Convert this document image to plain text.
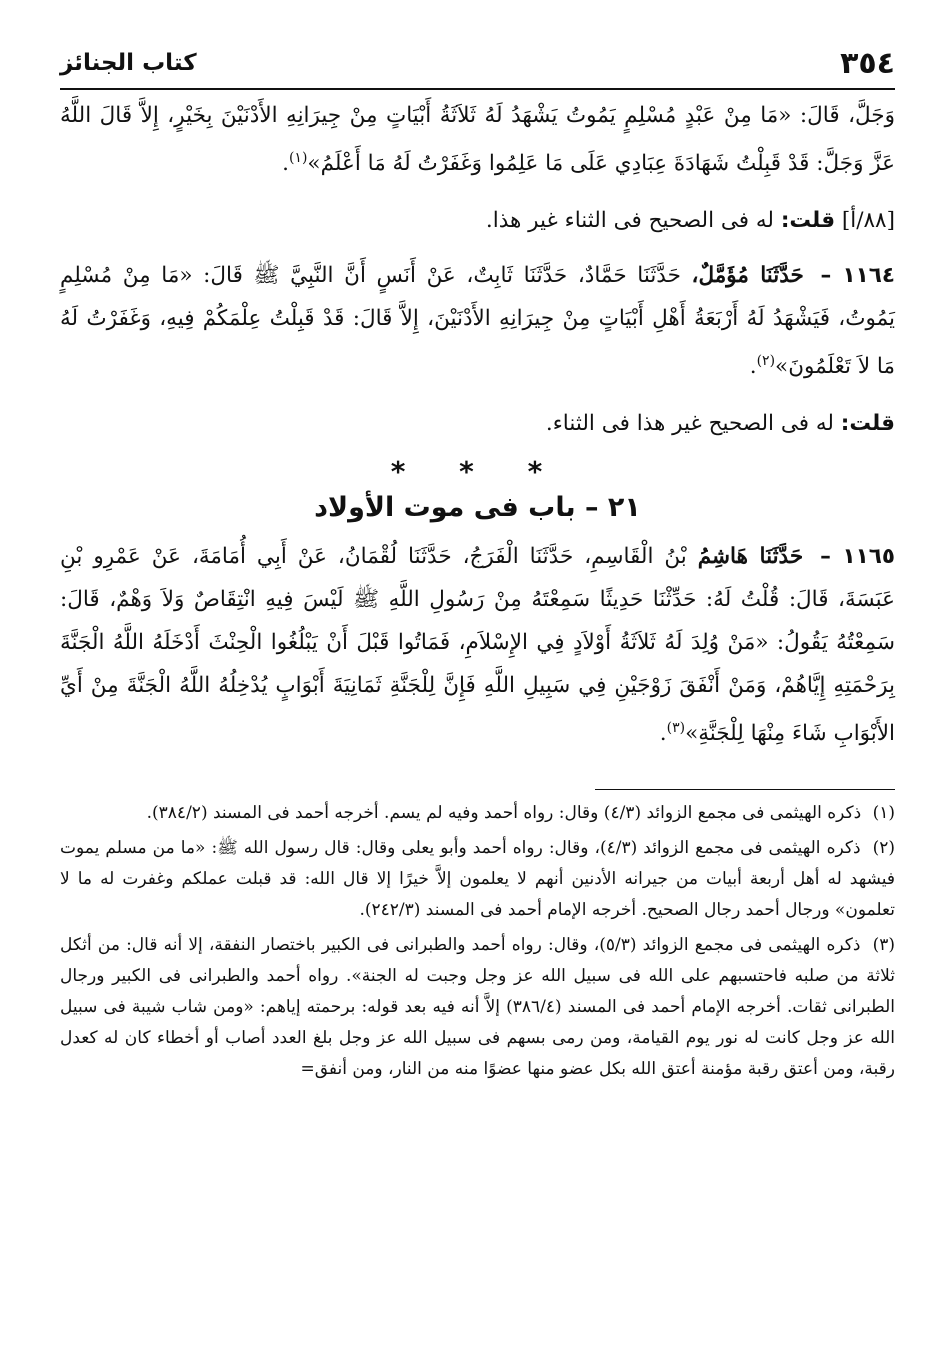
٣٥٤
كتاب الجنائز

وَجَلَّ، قَالَ: «مَا مِنْ عَبْدٍ مُسْلِمٍ يَمُوتُ يَشْهَدُ لَهُ ثَلاَثَةُ أَبْيَاتٍ مِنْ جِيرَانِهِ الأَدْنَيْنَ بِخَيْرٍ، إِلاَّ قَالَ اللَّهُ عَزَّ وَجَلَّ: قَدْ قَبِلْتُ شَهَادَةَ عِبَادِي عَلَى مَا عَلِمُوا وَغَفَرْتُ لَهُ مَا أَعْلَمُ»$^{(١)}$.

[٨٨/أ] قلت: له فى الصحيح فى الثناء غير هذا.

١١٦٤ – حَدَّثَنَا مُؤَمَّلٌ، حَدَّثَنَا حَمَّادٌ، حَدَّثَنَا ثَابِتٌ، عَنْ أَنَسٍ أَنَّ النَّبِيَّ ﷺ قَالَ: «مَا مِنْ مُسْلِمٍ يَمُوتُ، فَيَشْهَدُ لَهُ أَرْبَعَةُ أَهْلِ أَبْيَاتٍ مِنْ جِيرَانِهِ الأَدْنَيْنَ، إِلاَّ قَالَ: قَدْ قَبِلْتُ عِلْمَكُمْ فِيهِ، وَغَفَرْتُ لَهُ مَا لاَ تَعْلَمُونَ»$^{(٢)}$.

قلت: له فى الصحيح غير هذا فى الثناء.

* * *
٢١ – باب فى موت الأولاد

١١٦٥ – حَدَّثَنَا هَاشِمُ بْنُ الْقَاسِمِ، حَدَّثَنَا الْفَرَجُ، حَدَّثَنَا لُقْمَانُ، عَنْ أَبِي أُمَامَةَ، عَنْ عَمْرِو بْنِ عَبَسَةَ، قَالَ: قُلْتُ لَهُ: حَدِّثْنَا حَدِيثًا سَمِعْتَهُ مِنْ رَسُولِ اللَّهِ ﷺ لَيْسَ فِيهِ انْتِقَاصٌ وَلاَ وَهْمٌ، قَالَ: سَمِعْتُهُ يَقُولُ: «مَنْ وُلِدَ لَهُ ثَلاَثَةُ أَوْلاَدٍ فِي الإِسْلاَمِ، فَمَاتُوا قَبْلَ أَنْ يَبْلُغُوا الْحِنْثَ أَدْخَلَهُ اللَّهُ الْجَنَّةَ بِرَحْمَتِهِ إِيَّاهُمْ، وَمَنْ أَنْفَقَ زَوْجَيْنِ فِي سَبِيلِ اللَّهِ فَإِنَّ لِلْجَنَّةِ ثَمَانِيَةَ أَبْوَابٍ يُدْخِلُهُ اللَّهُ الْجَنَّةَ مِنْ أَيِّ الأَبْوَابِ شَاءَ مِنْهَا لِلْجَنَّةِ»$^{(٣)}$.

(١) ذكره الهيثمى فى مجمع الزوائد (٤/٣) وقال: رواه أحمد وفيه لم يسم. أخرجه أحمد فى المسند (٣٨٤/٢).

(٢) ذكره الهيثمى فى مجمع الزوائد (٤/٣)، وقال: رواه أحمد وأبو يعلى وقال: قال رسول الله ﷺ: «ما من مسلم يموت فيشهد له أهل أربعة أبيات من جيرانه الأدنين أنهم لا يعلمون إلاَّ خيرًا إلا قال الله: قد قبلت عملكم وغفرت له ما لا تعلمون» ورجال أحمد رجال الصحيح. أخرجه الإمام أحمد فى المسند (٢٤٢/٣).

(٣) ذكره الهيثمى فى مجمع الزوائد (٥/٣)، وقال: رواه أحمد والطبرانى فى الكبير باختصار النفقة، إلا أنه قال: من أثكل ثلاثة من صلبه فاحتسبهم على الله فى سبيل الله عز وجل وجبت له الجنة». رواه أحمد والطبرانى فى الكبير ورجال الطبرانى ثقات. أخرجه الإمام أحمد فى المسند (٣٨٦/٤) إلاَّ أنه فيه بعد قوله: برحمته إياهم: «ومن شاب شيبة فى سبيل الله عز وجل كانت له نور يوم القيامة، ومن رمى بسهم فى سبيل الله عز وجل بلغ العدد أصاب أو أخطاء كان له كعدل رقبة، ومن أعتق رقبة مؤمنة أعتق الله بكل عضو منها عضوًا منه من النار، ومن أنفق=
